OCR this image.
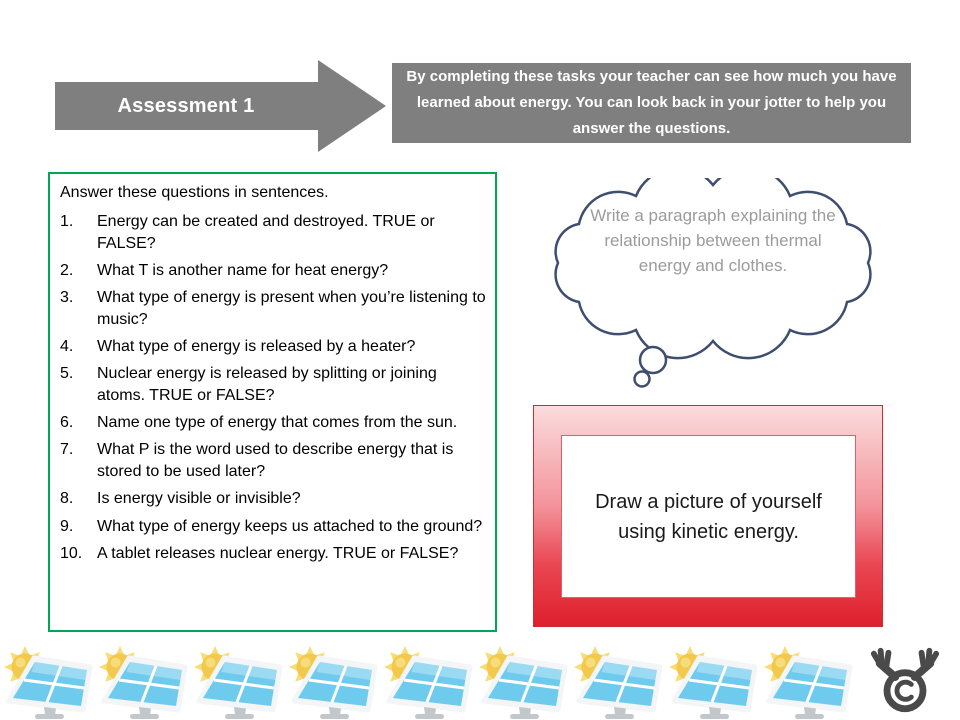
Assessment 1
By completing these tasks your teacher can see how much you have learned about energy. You can look back in your jotter to help you answer the questions.

Answer these questions in sentences.

1.	Energy can be created and destroyed. TRUE or FALSE?
2.	What T is another name for heat energy?
3.	What type of energy is present when you’re listening to music?
4.	What type of energy is released by a heater?
5.	Nuclear energy is released by splitting or joining atoms. TRUE or FALSE?
6.	Name one type of energy that comes from the sun.
7.	What P is the word used to describe energy that is stored to be used later?
8.	Is energy visible or invisible?
9.	What type of energy keeps us attached to the ground?
10. A tablet releases nuclear energy. TRUE or FALSE?
Write a paragraph explaining the relationship between thermal energy and clothes.
Draw a picture of yourself using kinetic energy.
